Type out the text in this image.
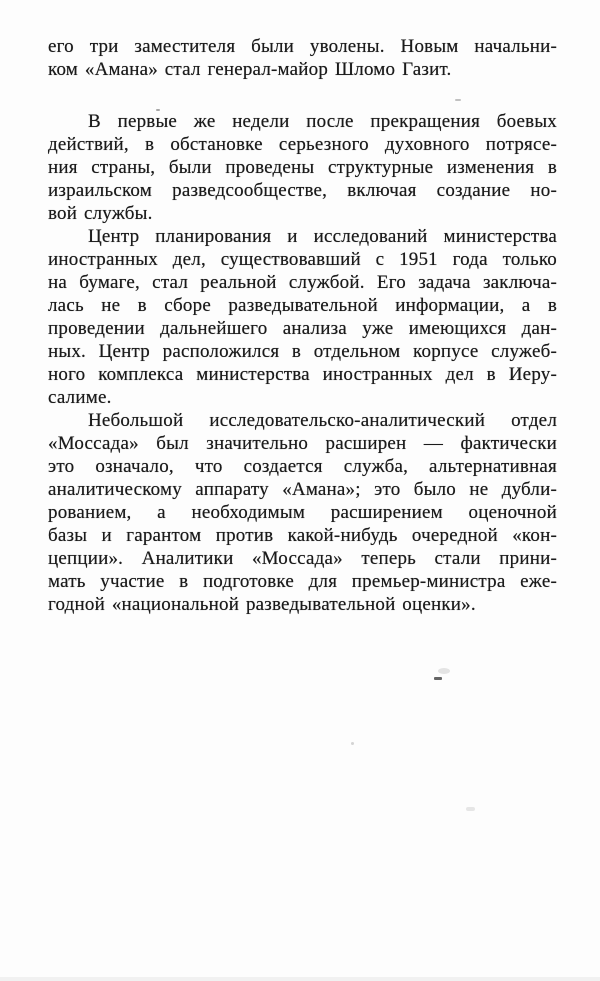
его три заместителя были уволены. Новым начальни-
ком «Амана» стал генерал-майор Шломо Газит.

В первые же недели после прекращения боевых
действий, в обстановке серьезного духовного потрясе-
ния страны, были проведены структурные изменения в
израильском разведсообществе, включая создание но-
вой службы.

Центр планирования и исследований министерства
иностранных дел, существовавший с 1951 года только
на бумаге, стал реальной службой. Его задача заключа-
лась не в сборе разведывательной информации, а в
проведении дальнейшего анализа уже имеющихся дан-
ных. Центр расположился в отдельном корпусе служеб-
ного комплекса министерства иностранных дел в Иеру-
салиме.

Небольшой исследовательско-аналитический отдел
«Моссада» был значительно расширен — фактически
это означало, что создается служба, альтернативная
аналитическому аппарату «Амана»; это было не дубли-
рованием, а необходимым расширением оценочной
базы и гарантом против какой-нибудь очередной «кон-
цепции». Аналитики «Моссада» теперь стали прини-
мать участие в подготовке для премьер-министра еже-
годной «национальной разведывательной оценки».
